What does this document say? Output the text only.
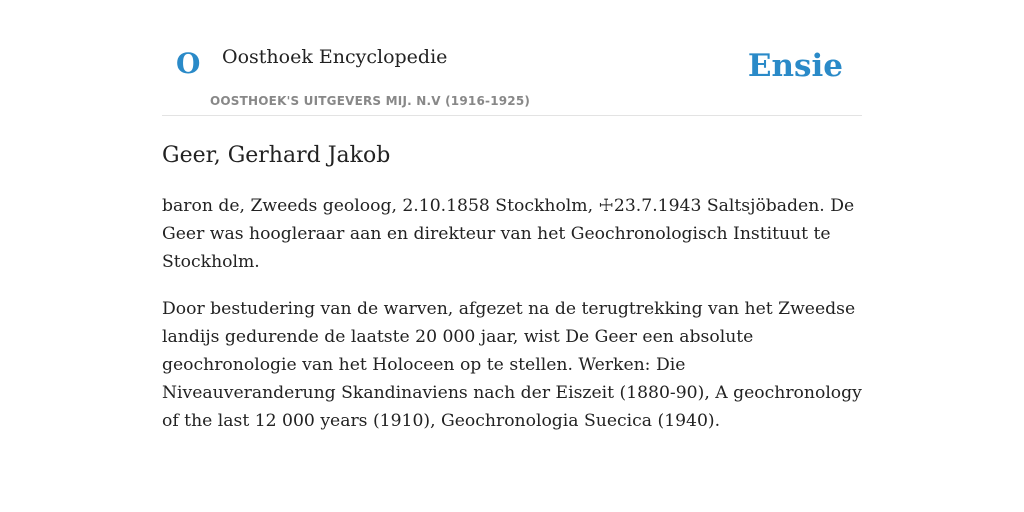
O Oosthoek Encyclopedie
OOSTHOEK'S UITGEVERS MIJ. N.V (1916-1925)
Ensie
Geer, Gerhard Jakob

baron de, Zweeds geoloog, 2.10.1858 Stockholm, ☩23.7.1943 Saltsjöbaden. De Geer was hoogleraar aan en direkteur van het Geochronologisch Instituut te Stockholm.

Door bestudering van de warven, afgezet na de terugtrekking van het Zweedse landijs gedurende de laatste 20 000 jaar, wist De Geer een absolute geochronologie van het Holoceen op te stellen. Werken: Die Niveauveranderung Skandinaviens nach der Eiszeit (1880-90), A geochronology of the last 12 000 years (1910), Geochronologia Suecica (1940).
